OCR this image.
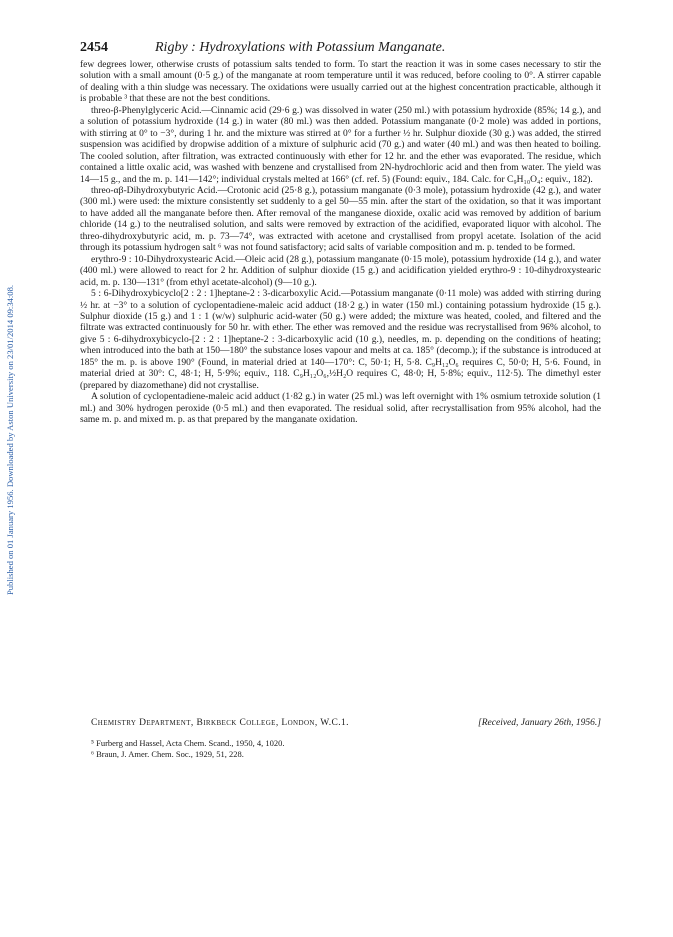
Published on 01 January 1956. Downloaded by Aston University on 23/01/2014 09:34:08.
2454	Rigby : Hydroxylations with Potassium Manganate.

few degrees lower, otherwise crusts of potassium salts tended to form. To start the reaction it was in some cases necessary to stir the solution with a small amount (0·5 g.) of the manganate at room temperature until it was reduced, before cooling to 0°. A stirrer capable of dealing with a thin sludge was necessary. The oxidations were usually carried out at the highest concentration practicable, although it is probable ³ that these are not the best conditions.

threo-β-Phenylglyceric Acid.—Cinnamic acid (29·6 g.) was dissolved in water (250 ml.) with potassium hydroxide (85%; 14 g.), and a solution of potassium hydroxide (14 g.) in water (80 ml.) was then added. Potassium manganate (0·2 mole) was added in portions, with stirring at 0° to −3°, during 1 hr. and the mixture was stirred at 0° for a further ½ hr. Sulphur dioxide (30 g.) was added, the stirred suspension was acidified by dropwise addition of a mixture of sulphuric acid (70 g.) and water (40 ml.) and was then heated to boiling. The cooled solution, after filtration, was extracted continuously with ether for 12 hr. and the ether was evaporated. The residue, which contained a little oxalic acid, was washed with benzene and crystallised from 2N-hydrochloric acid and then from water. The yield was 14—15 g., and the m. p. 141—142°; individual crystals melted at 166° (cf. ref. 5) (Found: equiv., 184. Calc. for C₉H₁₀O₄: equiv., 182).

threo-αβ-Dihydroxybutyric Acid.—Crotonic acid (25·8 g.), potassium manganate (0·3 mole), potassium hydroxide (42 g.), and water (300 ml.) were used: the mixture consistently set suddenly to a gel 50—55 min. after the start of the oxidation, so that it was important to have added all the manganate before then. After removal of the manganese dioxide, oxalic acid was removed by addition of barium chloride (14 g.) to the neutralised solution, and salts were removed by extraction of the acidified, evaporated liquor with alcohol. The threo-dihydroxybutyric acid, m. p. 73—74°, was extracted with acetone and crystallised from propyl acetate. Isolation of the acid through its potassium hydrogen salt ⁶ was not found satisfactory; acid salts of variable composition and m. p. tended to be formed.

erythro-9 : 10-Dihydroxystearic Acid.—Oleic acid (28 g.), potassium manganate (0·15 mole), potassium hydroxide (14 g.), and water (400 ml.) were allowed to react for 2 hr. Addition of sulphur dioxide (15 g.) and acidification yielded erythro-9 : 10-dihydroxystearic acid, m. p. 130—131° (from ethyl acetate-alcohol) (9—10 g.).

5 : 6-Dihydroxybicyclo[2 : 2 : 1]heptane-2 : 3-dicarboxylic Acid.—Potassium manganate (0·11 mole) was added with stirring during ½ hr. at −3° to a solution of cyclopentadiene-maleic acid adduct (18·2 g.) in water (150 ml.) containing potassium hydroxide (15 g.). Sulphur dioxide (15 g.) and 1 : 1 (w/w) sulphuric acid-water (50 g.) were added; the mixture was heated, cooled, and filtered and the filtrate was extracted continuously for 50 hr. with ether. The ether was removed and the residue was recrystallised from 96% alcohol, to give 5 : 6-dihydroxybicyclo-[2 : 2 : 1]heptane-2 : 3-dicarboxylic acid (10 g.), needles, m. p. depending on the conditions of heating; when introduced into the bath at 150—180° the substance loses vapour and melts at ca. 185° (decomp.); if the substance is introduced at 185° the m. p. is above 190° (Found, in material dried at 140—170°: C, 50·1; H, 5·8. C₉H₁₂O₆ requires C, 50·0; H, 5·6. Found, in material dried at 30°: C, 48·1; H, 5·9%; equiv., 118. C₉H₁₂O₆,½H₂O requires C, 48·0; H, 5·8%; equiv., 112·5). The dimethyl ester (prepared by diazomethane) did not crystallise.

A solution of cyclopentadiene-maleic acid adduct (1·82 g.) in water (25 ml.) was left overnight with 1% osmium tetroxide solution (1 ml.) and 30% hydrogen peroxide (0·5 ml.) and then evaporated. The residual solid, after recrystallisation from 95% alcohol, had the same m. p. and mixed m. p. as that prepared by the manganate oxidation.

Chemistry Department, Birkbeck College, London, W.C.1.	[Received, January 26th, 1956.]
⁵ Furberg and Hassel, Acta Chem. Scand., 1950, 4, 1020.
⁶ Braun, J. Amer. Chem. Soc., 1929, 51, 228.
